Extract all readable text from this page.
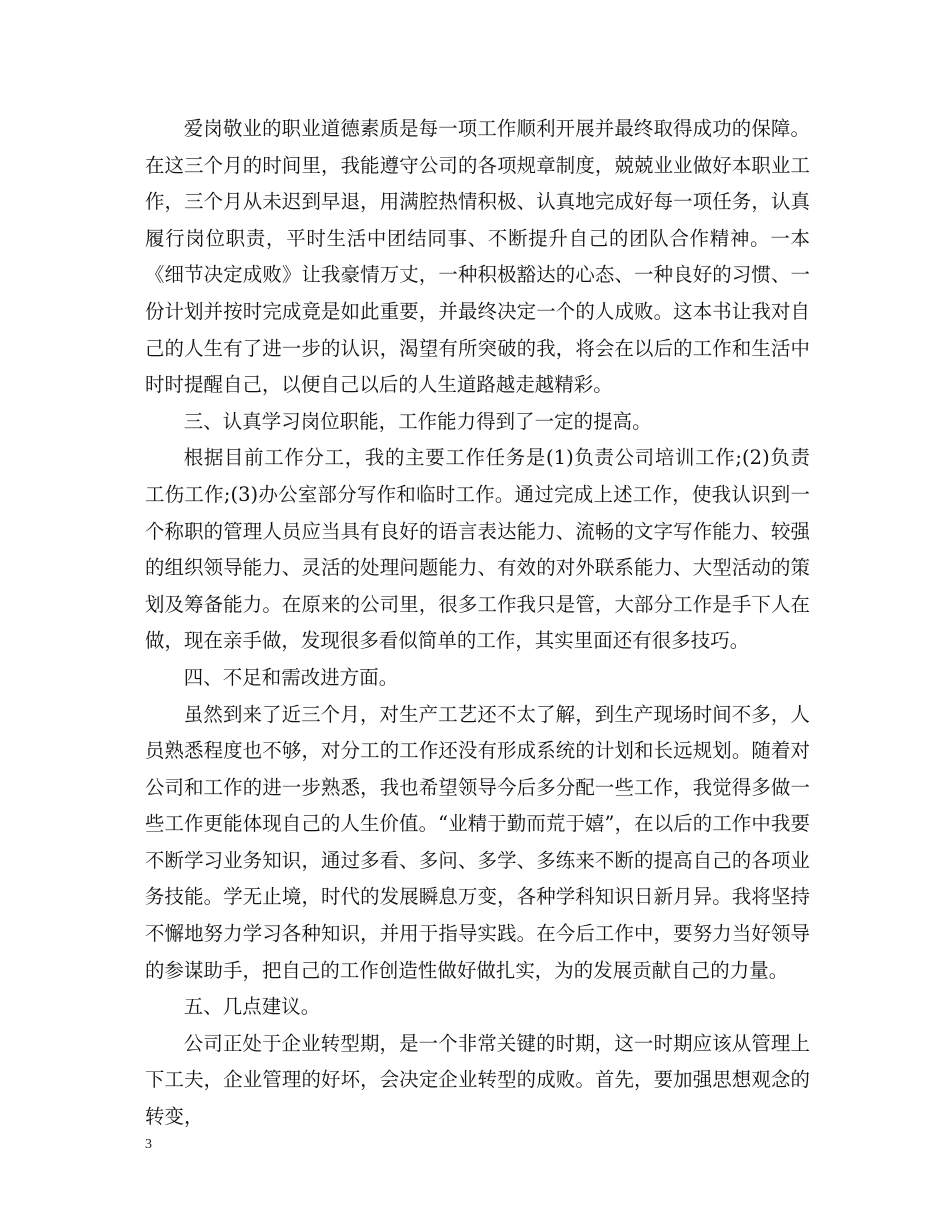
爱岗敬业的职业道德素质是每一项工作顺利开展并最终取得成功的保障。在这三个月的时间里，我能遵守公司的各项规章制度，兢兢业业做好本职业工作，三个月从未迟到早退，用满腔热情积极、认真地完成好每一项任务，认真履行岗位职责，平时生活中团结同事、不断提升自己的团队合作精神。一本《细节决定成败》让我豪情万丈，一种积极豁达的心态、一种良好的习惯、一份计划并按时完成竟是如此重要，并最终决定一个的人成败。这本书让我对自己的人生有了进一步的认识，渴望有所突破的我，将会在以后的工作和生活中时时提醒自己，以便自己以后的人生道路越走越精彩。

三、认真学习岗位职能，工作能力得到了一定的提高。

根据目前工作分工，我的主要工作任务是(1)负责公司培训工作;(2)负责工伤工作;(3)办公室部分写作和临时工作。通过完成上述工作，使我认识到一个称职的管理人员应当具有良好的语言表达能力、流畅的文字写作能力、较强的组织领导能力、灵活的处理问题能力、有效的对外联系能力、大型活动的策划及筹备能力。在原来的公司里，很多工作我只是管，大部分工作是手下人在做，现在亲手做，发现很多看似简单的工作，其实里面还有很多技巧。

四、不足和需改进方面。

虽然到来了近三个月，对生产工艺还不太了解，到生产现场时间不多，人员熟悉程度也不够，对分工的工作还没有形成系统的计划和长远规划。随着对公司和工作的进一步熟悉，我也希望领导今后多分配一些工作，我觉得多做一些工作更能体现自己的人生价值。“业精于勤而荒于嬉”，在以后的工作中我要不断学习业务知识，通过多看、多问、多学、多练来不断的提高自己的各项业务技能。学无止境，时代的发展瞬息万变，各种学科知识日新月异。我将坚持不懈地努力学习各种知识，并用于指导实践。在今后工作中，要努力当好领导的参谋助手，把自己的工作创造性做好做扎实，为的发展贡献自己的力量。

五、几点建议。

公司正处于企业转型期，是一个非常关键的时期，这一时期应该从管理上下工夫，企业管理的好坏，会决定企业转型的成败。首先，要加强思想观念的转变，

3
